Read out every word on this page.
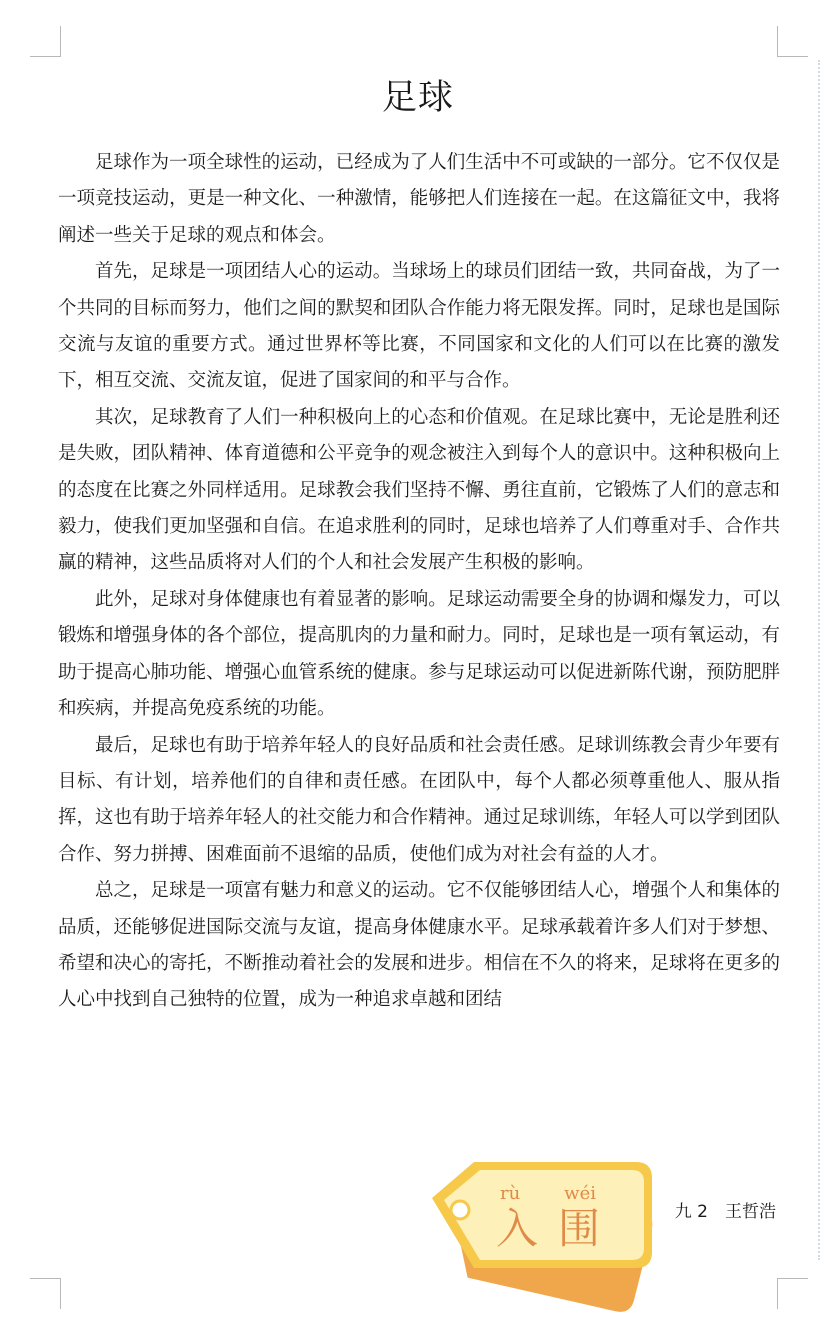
足球

足球作为一项全球性的运动，已经成为了人们生活中不可或缺的一部分。它不仅仅是一项竞技运动，更是一种文化、一种激情，能够把人们连接在一起。在这篇征文中，我将阐述一些关于足球的观点和体会。

首先，足球是一项团结人心的运动。当球场上的球员们团结一致，共同奋战，为了一个共同的目标而努力，他们之间的默契和团队合作能力将无限发挥。同时，足球也是国际交流与友谊的重要方式。通过世界杯等比赛，不同国家和文化的人们可以在比赛的激发下，相互交流、交流友谊，促进了国家间的和平与合作。

其次，足球教育了人们一种积极向上的心态和价值观。在足球比赛中，无论是胜利还是失败，团队精神、体育道德和公平竞争的观念被注入到每个人的意识中。这种积极向上的态度在比赛之外同样适用。足球教会我们坚持不懈、勇往直前，它锻炼了人们的意志和毅力，使我们更加坚强和自信。在追求胜利的同时，足球也培养了人们尊重对手、合作共赢的精神，这些品质将对人们的个人和社会发展产生积极的影响。

此外，足球对身体健康也有着显著的影响。足球运动需要全身的协调和爆发力，可以锻炼和增强身体的各个部位，提高肌肉的力量和耐力。同时，足球也是一项有氧运动，有助于提高心肺功能、增强心血管系统的健康。参与足球运动可以促进新陈代谢，预防肥胖和疾病，并提高免疫系统的功能。

最后，足球也有助于培养年轻人的良好品质和社会责任感。足球训练教会青少年要有目标、有计划，培养他们的自律和责任感。在团队中，每个人都必须尊重他人、服从指挥，这也有助于培养年轻人的社交能力和合作精神。通过足球训练，年轻人可以学到团队合作、努力拼搏、困难面前不退缩的品质，使他们成为对社会有益的人才。

总之，足球是一项富有魅力和意义的运动。它不仅能够团结人心，增强个人和集体的品质，还能够促进国际交流与友谊，提高身体健康水平。足球承载着许多人们对于梦想、希望和决心的寄托，不断推动着社会的发展和进步。相信在不久的将来，足球将在更多的人心中找到自己独特的位置，成为一种追求卓越和团结

九 2　王哲浩
rù wéi
入 围
